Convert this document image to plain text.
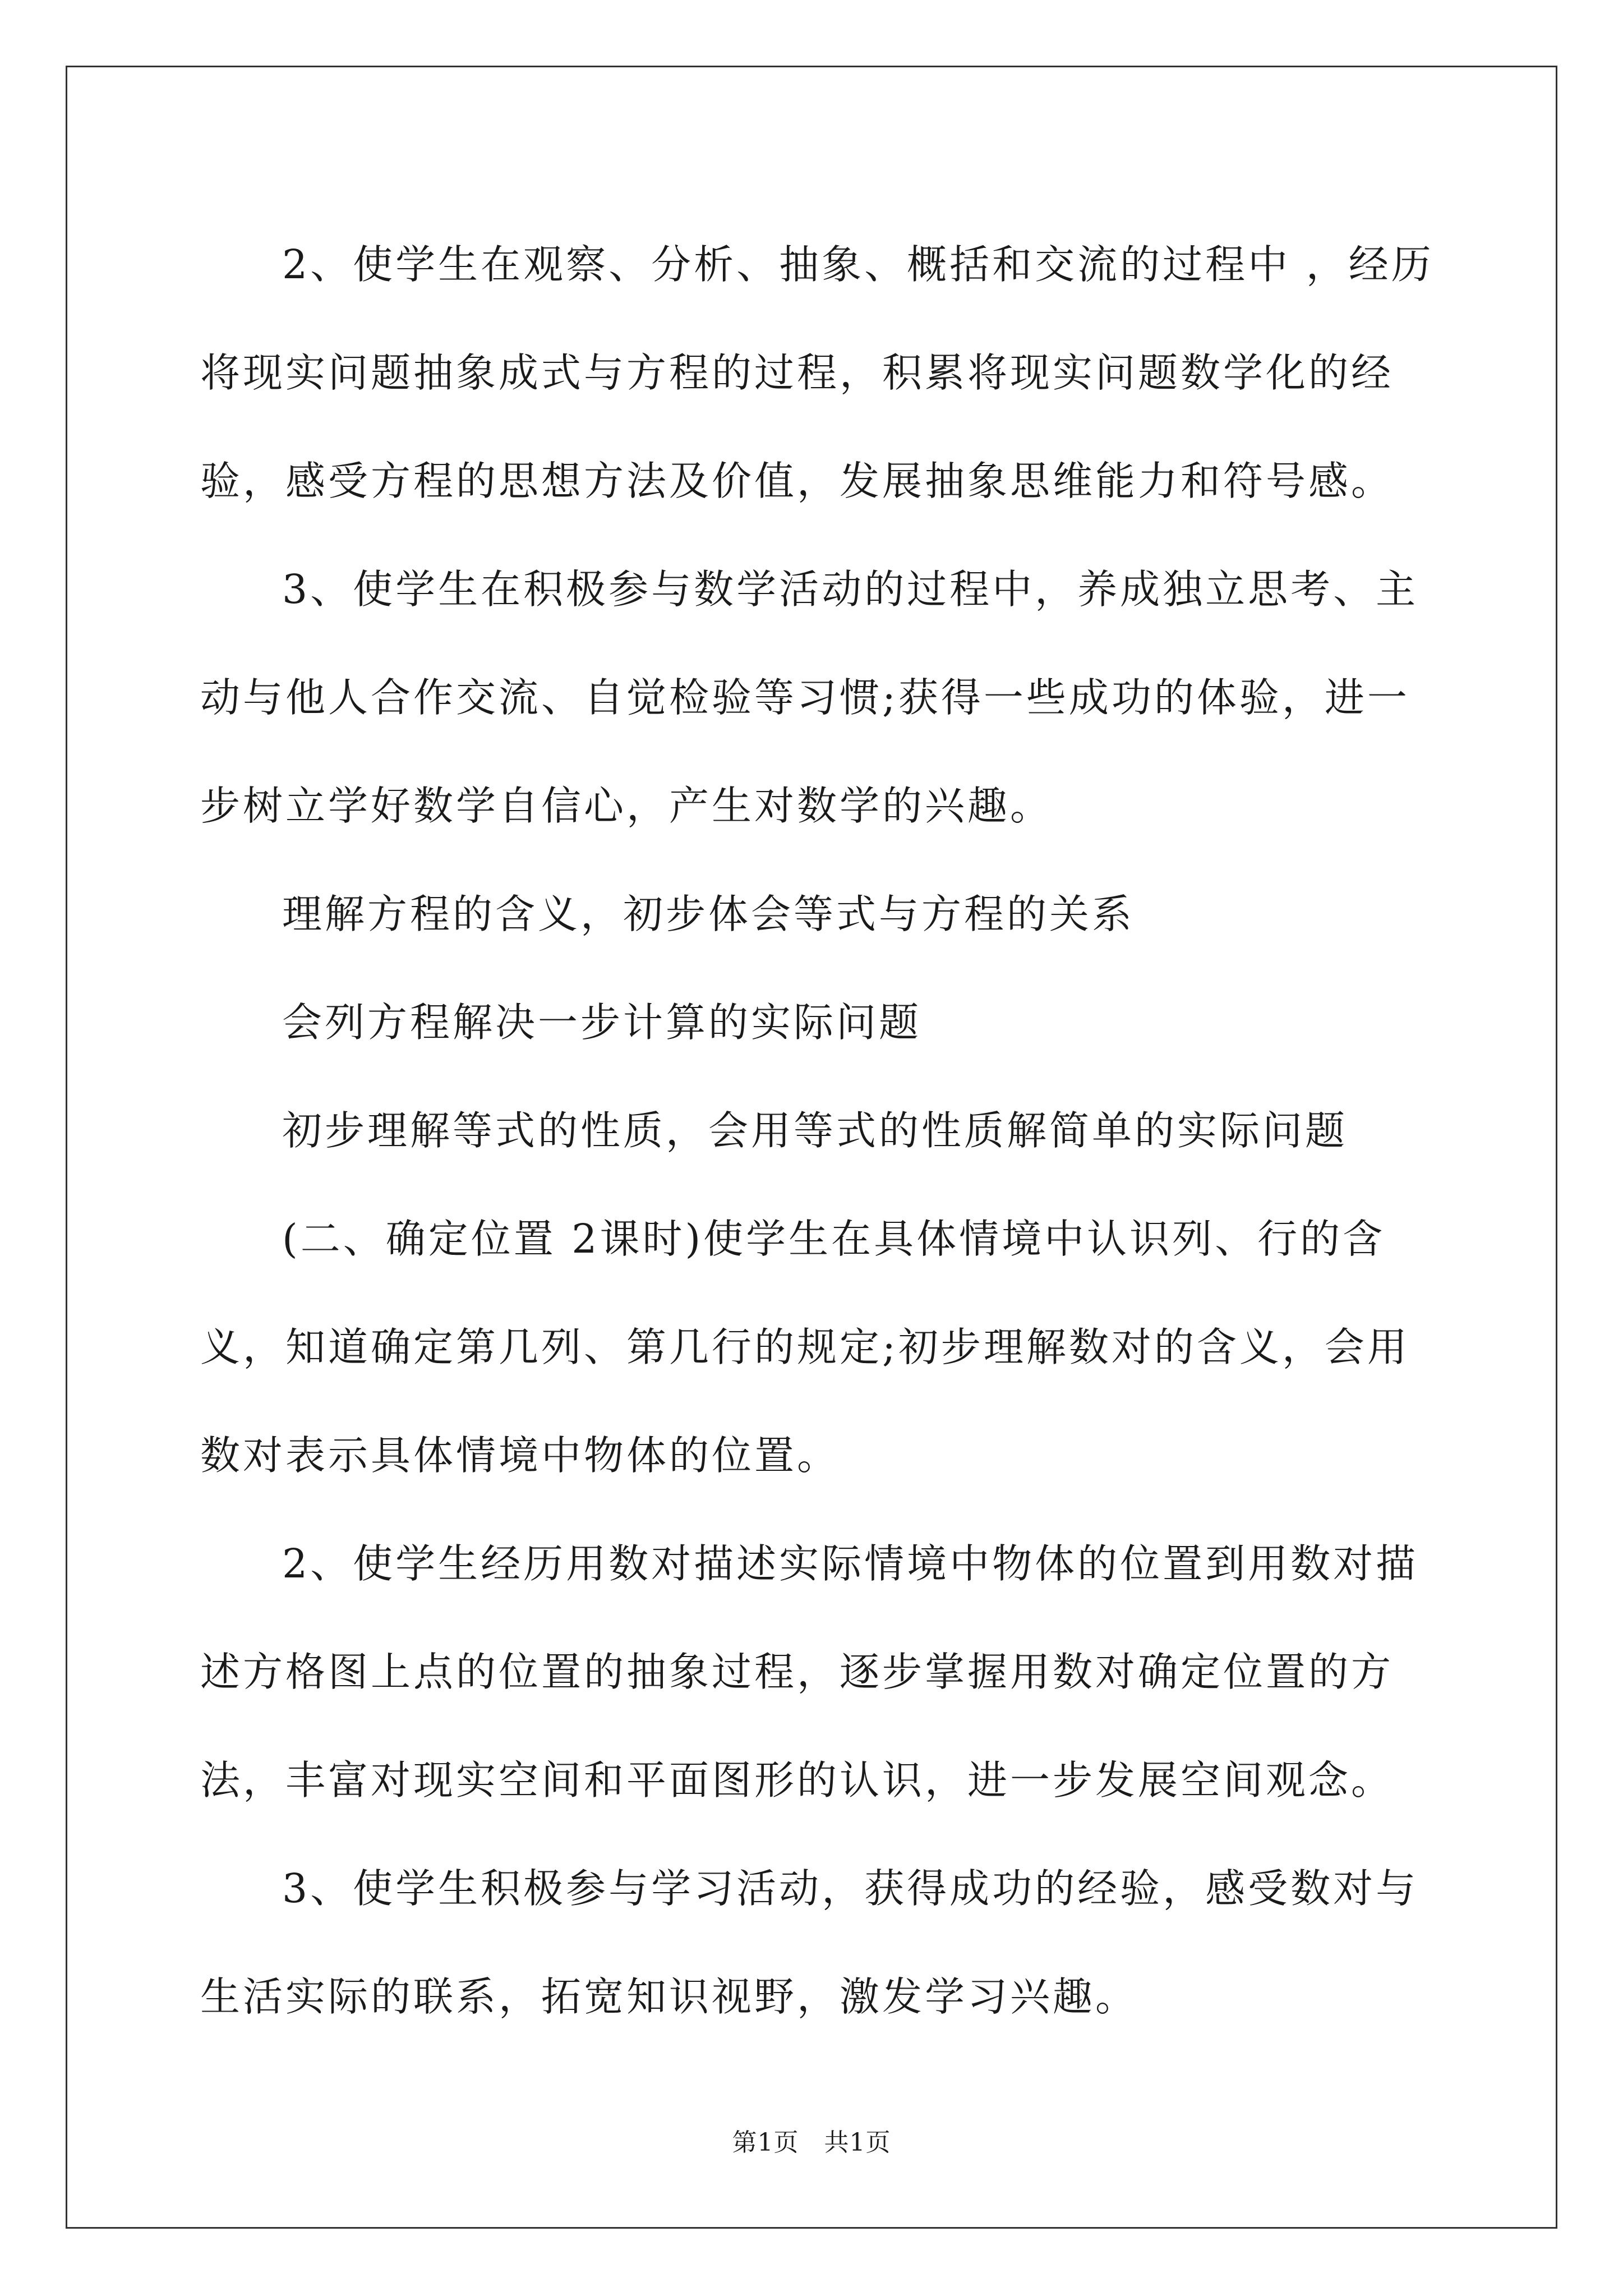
2、使学生在观察、分析、抽象、概括和交流的过程中 ，经历将现实问题抽象成式与方程的过程，积累将现实问题数学化的经验，感受方程的思想方法及价值，发展抽象思维能力和符号感。

3、使学生在积极参与数学活动的过程中，养成独立思考、主动与他人合作交流、自觉检验等习惯;获得一些成功的体验，进一步树立学好数学自信心，产生对数学的兴趣。

理解方程的含义，初步体会等式与方程的关系

会列方程解决一步计算的实际问题

初步理解等式的性质，会用等式的性质解简单的实际问题

(二、确定位置 2课时)使学生在具体情境中认识列、行的含义，知道确定第几列、第几行的规定;初步理解数对的含义，会用数对表示具体情境中物体的位置。

2、使学生经历用数对描述实际情境中物体的位置到用数对描述方格图上点的位置的抽象过程，逐步掌握用数对确定位置的方法，丰富对现实空间和平面图形的认识，进一步发展空间观念。

3、使学生积极参与学习活动，获得成功的经验，感受数对与生活实际的联系，拓宽知识视野，激发学习兴趣。

第1页 共1页
